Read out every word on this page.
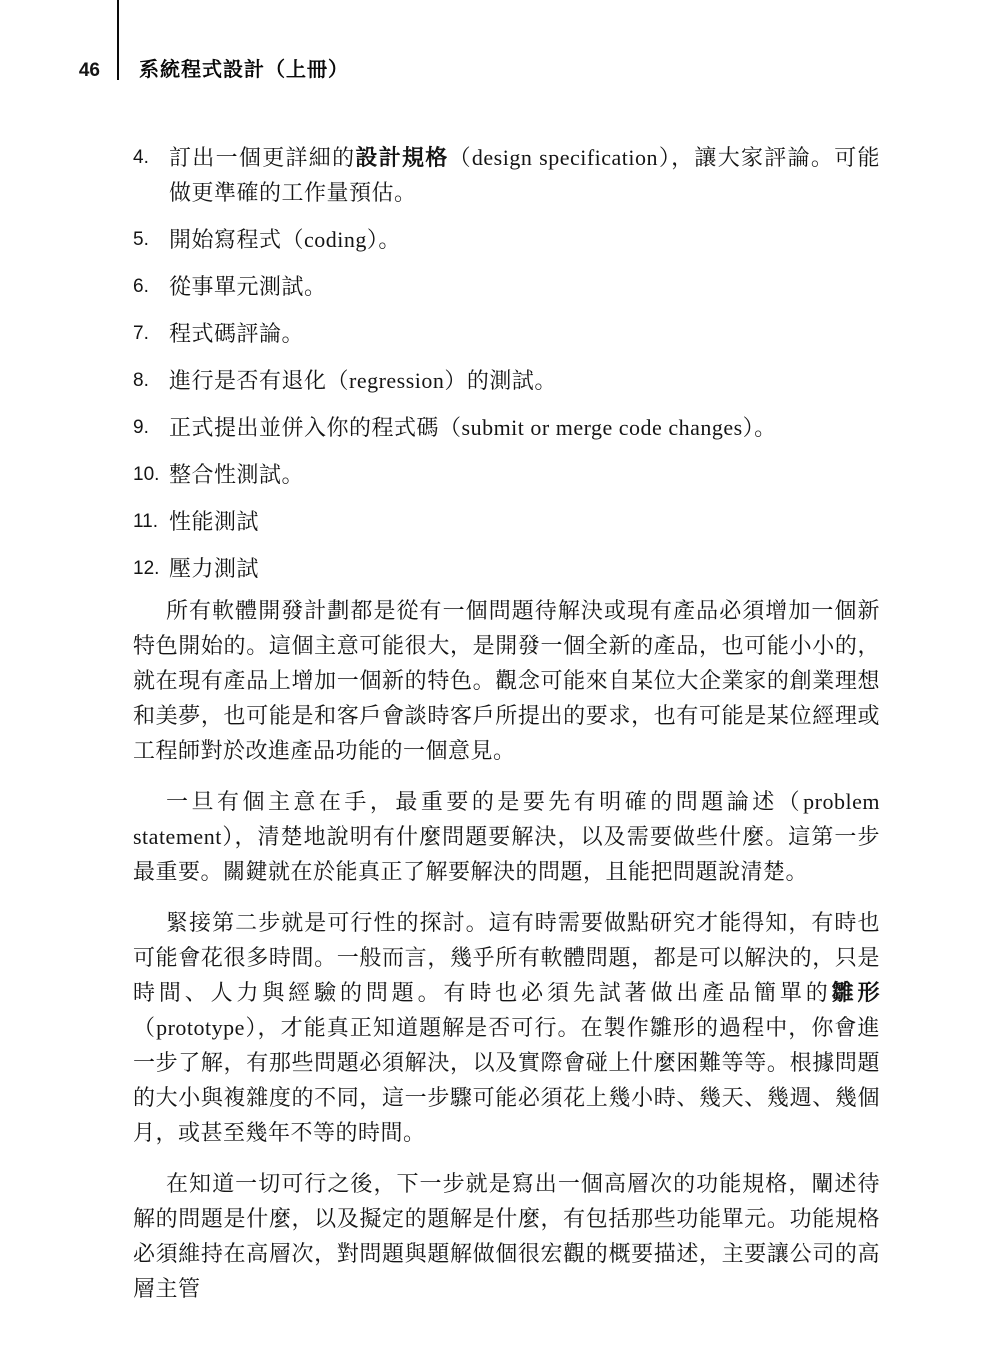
46 系統程式設計（上冊）
4. 訂出一個更詳細的設計規格（design specification），讓大家評論。可能做更準確的工作量預估。
5. 開始寫程式（coding）。
6. 從事單元測試。
7. 程式碼評論。
8. 進行是否有退化（regression）的測試。
9. 正式提出並併入你的程式碼（submit or merge code changes）。
10. 整合性測試。
11. 性能測試
12. 壓力測試

所有軟體開發計劃都是從有一個問題待解決或現有產品必須增加一個新特色開始的。這個主意可能很大，是開發一個全新的產品，也可能小小的，就在現有產品上增加一個新的特色。觀念可能來自某位大企業家的創業理想和美夢，也可能是和客戶會談時客戶所提出的要求，也有可能是某位經理或工程師對於改進產品功能的一個意見。

一旦有個主意在手，最重要的是要先有明確的問題論述（problem statement），清楚地說明有什麼問題要解決，以及需要做些什麼。這第一步最重要。關鍵就在於能真正了解要解決的問題，且能把問題說清楚。

緊接第二步就是可行性的探討。這有時需要做點研究才能得知，有時也可能會花很多時間。一般而言，幾乎所有軟體問題，都是可以解決的，只是時間、人力與經驗的問題。有時也必須先試著做出產品簡單的雛形（prototype），才能真正知道題解是否可行。在製作雛形的過程中，你會進一步了解，有那些問題必須解決，以及實際會碰上什麼困難等等。根據問題的大小與複雜度的不同，這一步驟可能必須花上幾小時、幾天、幾週、幾個月，或甚至幾年不等的時間。

在知道一切可行之後，下一步就是寫出一個高層次的功能規格，闡述待解的問題是什麼，以及擬定的題解是什麼，有包括那些功能單元。功能規格必須維持在高層次，對問題與題解做個很宏觀的概要描述，主要讓公司的高層主管
